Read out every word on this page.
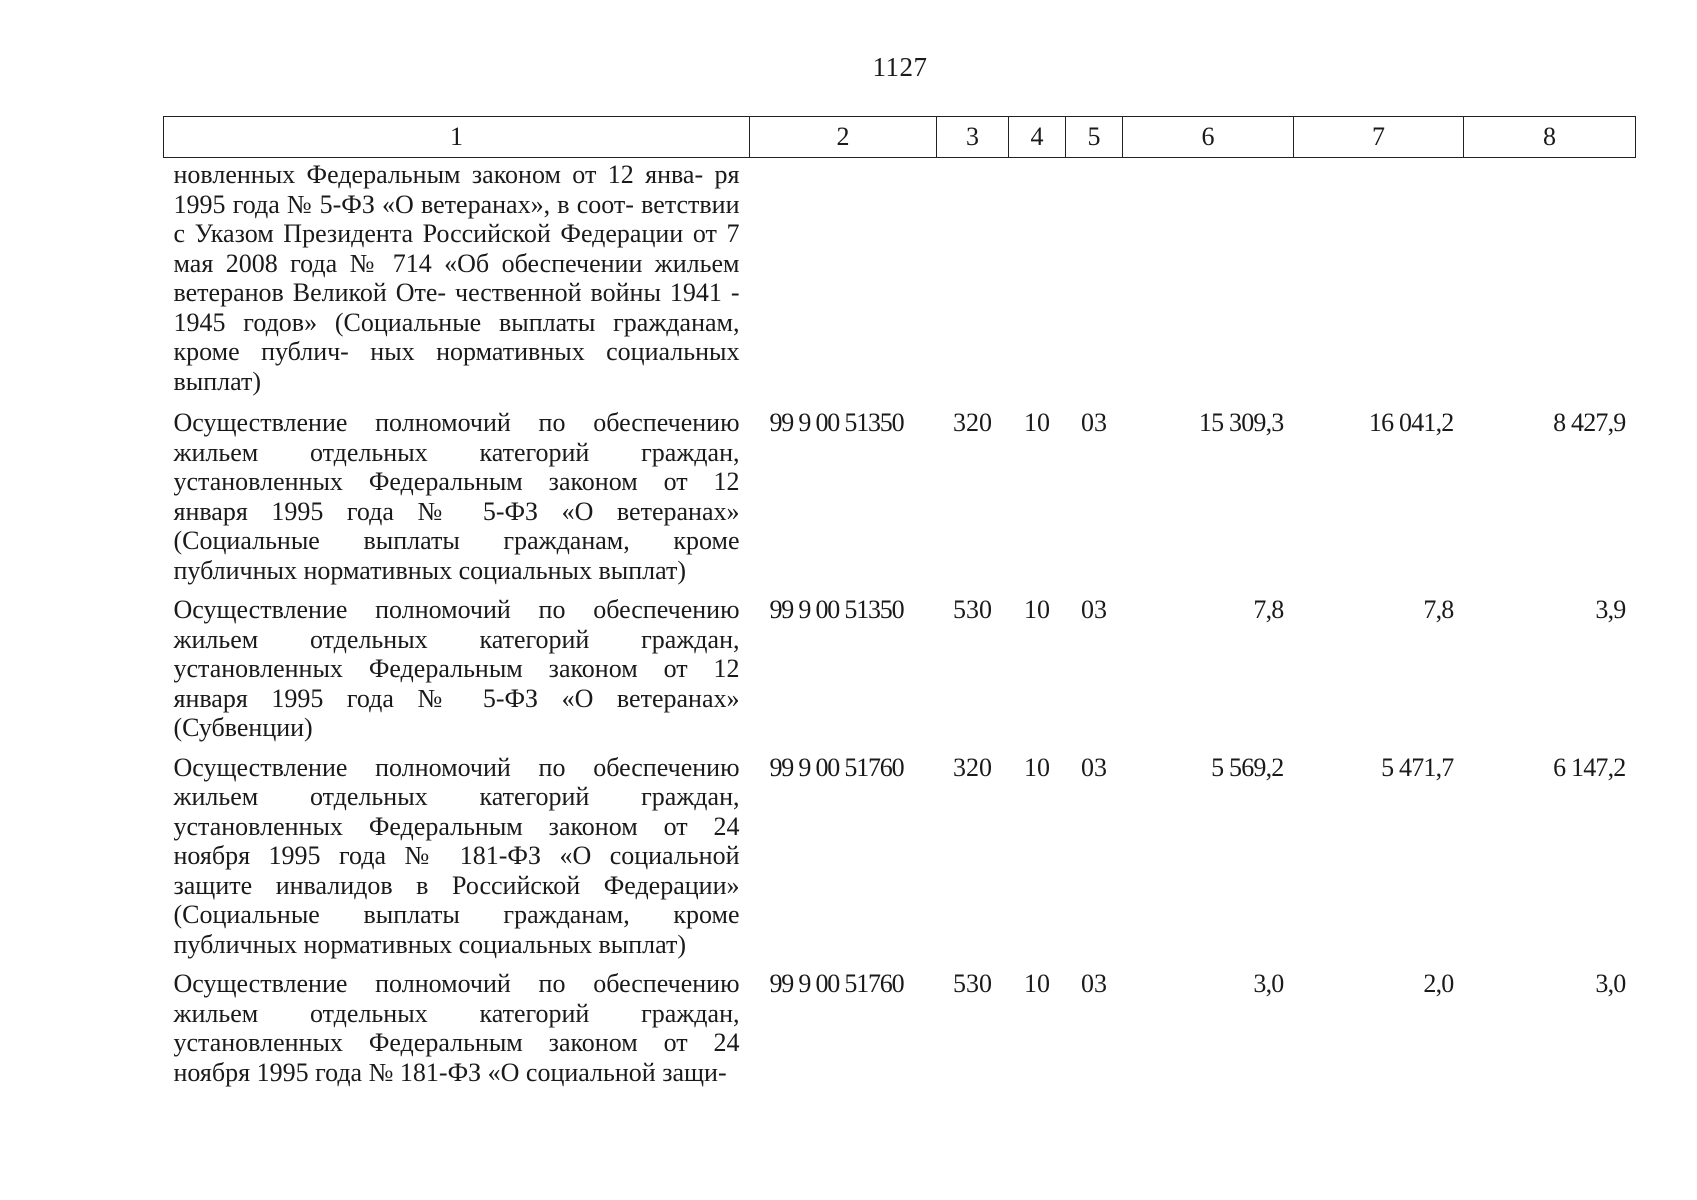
1127
1	2	3	4	5	6	7	8
новленных Федеральным законом от 12 янва- ря 1995 года № 5-ФЗ «О ветеранах», в соот- ветствии с Указом Президента Российской Федерации от 7 мая 2008 года № 714 «Об обеспечении жильем ветеранов Великой Оте- чественной войны 1941 - 1945 годов» (Социальные выплаты гражданам, кроме публич- ных нормативных социальных выплат)							
Осуществление полномочий по обеспечению жильем отдельных категорий граждан, установленных Федеральным законом от 12 января 1995 года № 5-ФЗ «О ветеранах» (Социальные выплаты гражданам, кроме публичных нормативных социальных выплат)	99 9 00 51350	320	10	03	15 309,3	16 041,2	8 427,9
Осуществление полномочий по обеспечению жильем отдельных категорий граждан, установленных Федеральным законом от 12 января 1995 года № 5-ФЗ «О ветеранах» (Субвенции)	99 9 00 51350	530	10	03	7,8	7,8	3,9
Осуществление полномочий по обеспечению жильем отдельных категорий граждан, установленных Федеральным законом от 24 ноября 1995 года № 181-ФЗ «О социальной защите инвалидов в Российской Федерации» (Социальные выплаты гражданам, кроме публичных нормативных социальных выплат)	99 9 00 51760	320	10	03	5 569,2	5 471,7	6 147,2
Осуществление полномочий по обеспечению жильем отдельных категорий граждан, установленных Федеральным законом от 24 ноября 1995 года № 181-ФЗ «О социальной защи-	99 9 00 51760	530	10	03	3,0	2,0	3,0
